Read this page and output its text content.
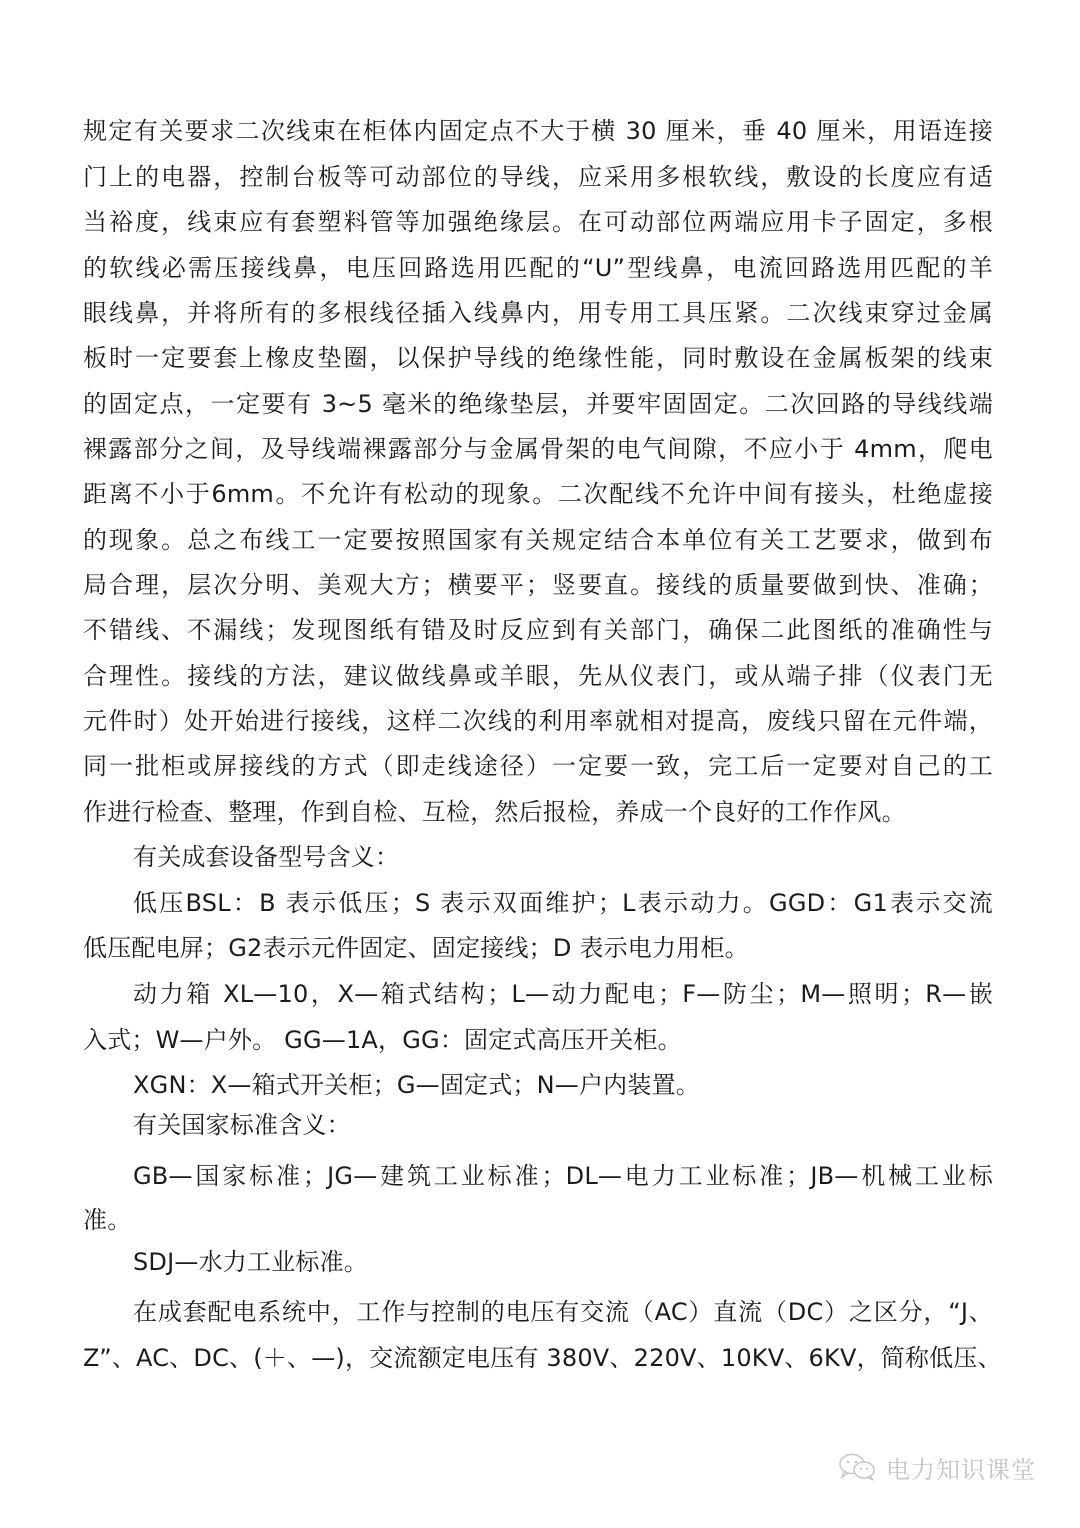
规定有关要求二次线束在柜体内固定点不大于横 30 厘米，垂 40 厘米，用语连接
门上的电器，控制台板等可动部位的导线，应采用多根软线，敷设的长度应有适
当裕度，线束应有套塑料管等加强绝缘层。在可动部位两端应用卡子固定，多根
的软线必需压接线鼻，电压回路选用匹配的“U”型线鼻，电流回路选用匹配的羊
眼线鼻，并将所有的多根线径插入线鼻内，用专用工具压紧。二次线束穿过金属
板时一定要套上橡皮垫圈，以保护导线的绝缘性能，同时敷设在金属板架的线束
的固定点，一定要有 3~5 毫米的绝缘垫层，并要牢固固定。二次回路的导线线端
裸露部分之间，及导线端裸露部分与金属骨架的电气间隙，不应小于 4mm，爬电
距离不小于6mm。不允许有松动的现象。二次配线不允许中间有接头，杜绝虚接
的现象。总之布线工一定要按照国家有关规定结合本单位有关工艺要求，做到布
局合理，层次分明、美观大方；横要平；竖要直。接线的质量要做到快、准确；
不错线、不漏线；发现图纸有错及时反应到有关部门，确保二此图纸的准确性与
合理性。接线的方法，建议做线鼻或羊眼，先从仪表门，或从端子排（仪表门无
元件时）处开始进行接线，这样二次线的利用率就相对提高，废线只留在元件端，
同一批柜或屏接线的方式（即走线途径）一定要一致，完工后一定要对自己的工
作进行检查、整理，作到自检、互检，然后报检，养成一个良好的工作作风。
有关成套设备型号含义：
低压BSL：B 表示低压；S 表示双面维护；L表示动力。GGD：G1表示交流
低压配电屏；G2表示元件固定、固定接线；D 表示电力用柜。
动力箱 XL—10，X—箱式结构；L—动力配电；F—防尘；M—照明；R—嵌
入式；W—户外。 GG—1A，GG：固定式高压开关柜。
XGN：X—箱式开关柜；G—固定式；N—户内装置。
有关国家标准含义：
GB—国家标准；JG—建筑工业标准；DL—电力工业标准；JB—机械工业标
准。
SDJ—水力工业标准。
在成套配电系统中，工作与控制的电压有交流（AC）直流（DC）之区分，“J、
Z”、AC、DC、(＋、—)，交流额定电压有 380V、220V、10KV、6KV，简称低压、
电力知识课堂
